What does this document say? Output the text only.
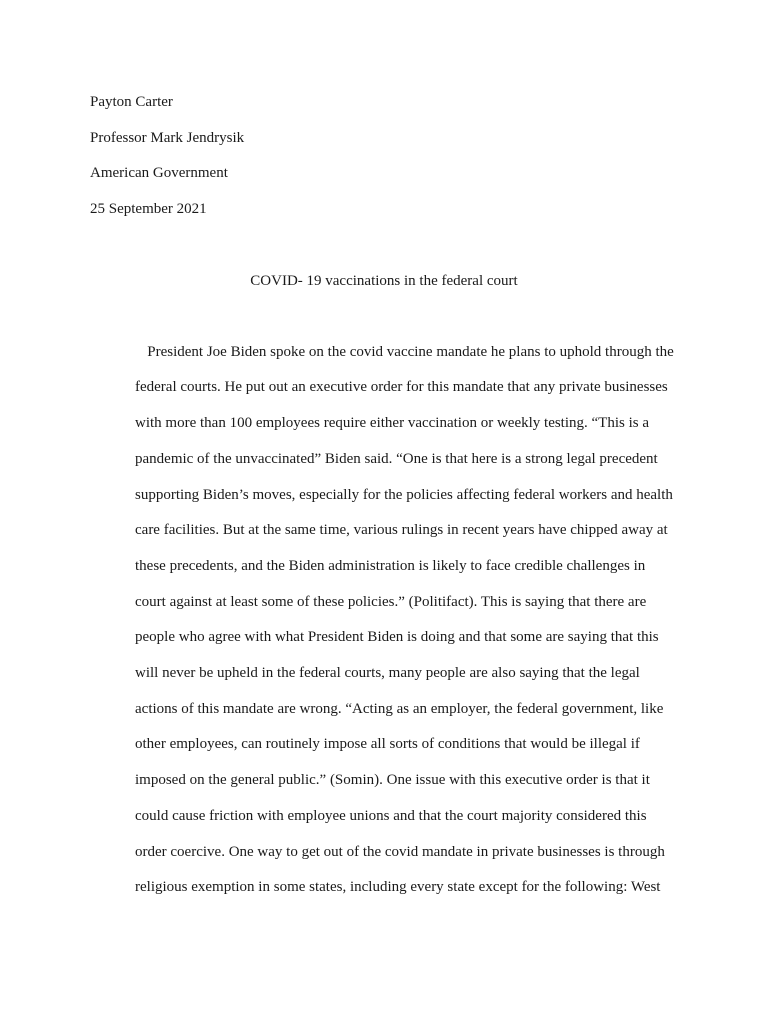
Payton Carter
Professor Mark Jendrysik
American Government
25 September 2021
COVID- 19 vaccinations in the federal court
President Joe Biden spoke on the covid vaccine mandate he plans to uphold through the
federal courts. He put out an executive order for this mandate that any private businesses
with more than 100 employees require either vaccination or weekly testing. “This is a
pandemic of the unvaccinated” Biden said. “One is that here is a strong legal precedent
supporting Biden’s moves, especially for the policies affecting federal workers and health
care facilities. But at the same time, various rulings in recent years have chipped away at
these precedents, and the Biden administration is likely to face credible challenges in
court against at least some of these policies.” (Politifact). This is saying that there are
people who agree with what President Biden is doing and that some are saying that this
will never be upheld in the federal courts, many people are also saying that the legal
actions of this mandate are wrong. “Acting as an employer, the federal government, like
other employees, can routinely impose all sorts of conditions that would be illegal if
imposed on the general public.” (Somin). One issue with this executive order is that it
could cause friction with employee unions and that the court majority considered this
order coercive. One way to get out of the covid mandate in private businesses is through
religious exemption in some states, including every state except for the following: West
